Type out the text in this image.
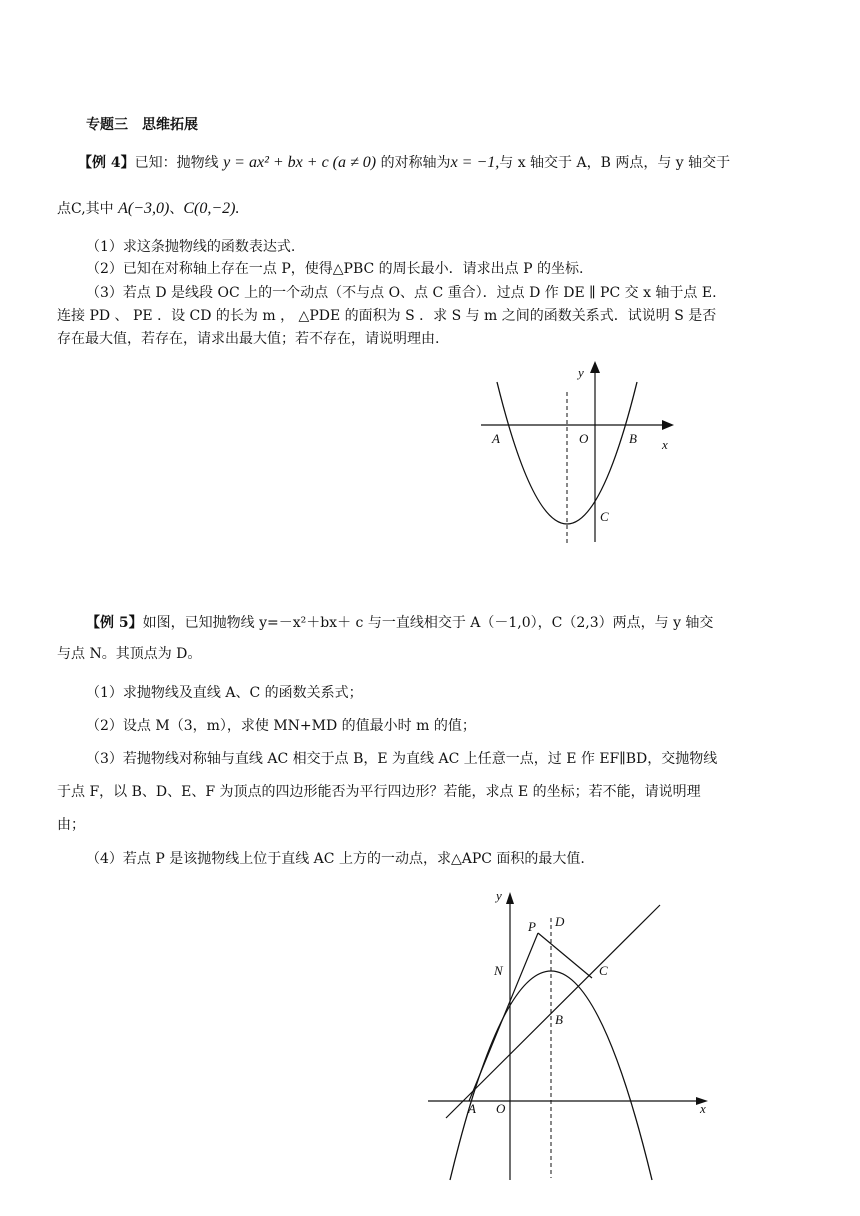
专题三　思维拓展
【例 4】已知：抛物线 y = ax² + bx + c (a ≠ 0) 的对称轴为x = −1,与 x 轴交于 A，B 两点，与 y 轴交于
点C,其中 A(−3,0)、C(0,−2).
（1）求这条抛物线的函数表达式.
（2）已知在对称轴上存在一点 P，使得△PBC 的周长最小．请求出点 P 的坐标.
（3）若点 D 是线段 OC 上的一个动点（不与点 O、点 C 重合）．过点 D 作 DE ∥ PC 交 x 轴于点 E.
连接 PD 、 PE ．设 CD 的长为 m ， △PDE 的面积为 S ．求 S 与 m 之间的函数关系式．试说明 S 是否
存在最大值，若存在，请求出最大值；若不存在，请说明理由.
y
x
A	O	B
C
【例 5】如图，已知抛物线 y=－x²＋bx＋ c 与一直线相交于 A（－1,0），C（2,3）两点，与 y 轴交
与点 N。其顶点为 D。
（1）求抛物线及直线 A、C 的函数关系式；
（2）设点 M（3，m），求使 MN+MD 的值最小时 m 的值；
（3）若抛物线对称轴与直线 AC 相交于点 B，E 为直线 AC 上任意一点，过 E 作 EF∥BD，交抛物线
于点 F，以 B、D、E、F 为顶点的四边形能否为平行四边形？若能，求点 E 的坐标；若不能，请说明理
由；
（4）若点 P 是该抛物线上位于直线 AC 上方的一动点，求△APC 面积的最大值.
y
x
A O
N
P D
C
B
